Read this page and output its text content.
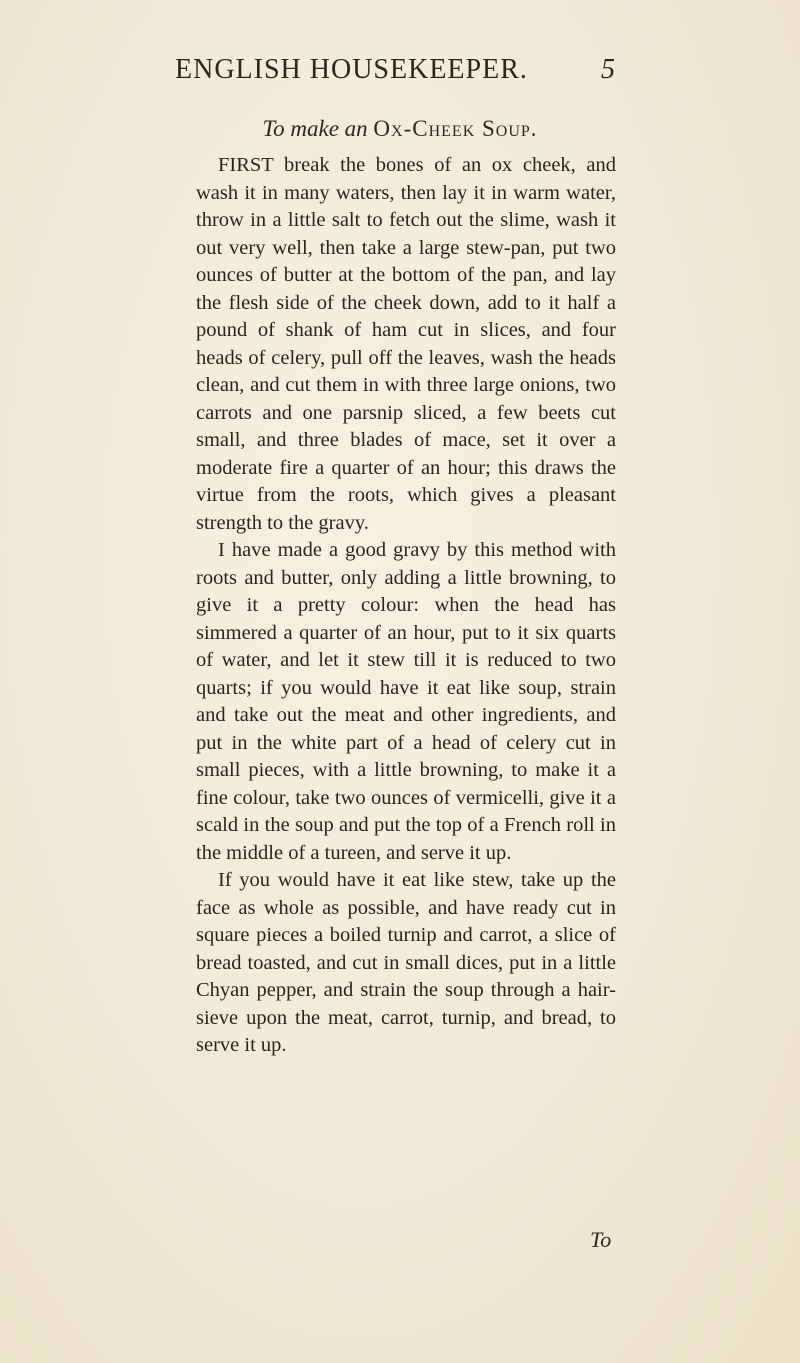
ENGLISH HOUSEKEEPER.	5
To make an Ox-Cheek Soup.

FIRST break the bones of an ox cheek, and wash it in many waters, then lay it in warm water, throw in a little salt to fetch out the slime, wash it out very well, then take a large stew-pan, put two ounces of butter at the bottom of the pan, and lay the flesh side of the cheek down, add to it half a pound of shank of ham cut in slices, and four heads of celery, pull off the leaves, wash the heads clean, and cut them in with three large onions, two carrots and one parsnip sliced, a few beets cut small, and three blades of mace, set it over a moderate fire a quarter of an hour; this draws the virtue from the roots, which gives a pleasant strength to the gravy.

I have made a good gravy by this method with roots and butter, only adding a little browning, to give it a pretty colour: when the head has simmered a quarter of an hour, put to it six quarts of water, and let it stew till it is reduced to two quarts; if you would have it eat like soup, strain and take out the meat and other ingredients, and put in the white part of a head of celery cut in small pieces, with a little browning, to make it a fine colour, take two ounces of vermicelli, give it a scald in the soup and put the top of a French roll in the middle of a tureen, and serve it up.

If you would have it eat like stew, take up the face as whole as possible, and have ready cut in square pieces a boiled turnip and carrot, a slice of bread toasted, and cut in small dices, put in a little Chyan pepper, and strain the soup through a hair-sieve upon the meat, carrot, turnip, and bread, to serve it up.

To
